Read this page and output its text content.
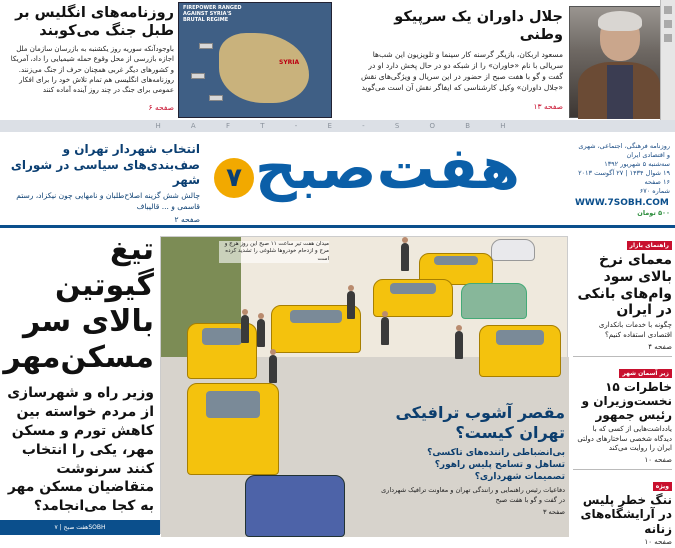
جلال داوران یک سرپیکو وطنی

مسعود اربکان، بازیگر گرسنه کار سینما و تلویزیون این شب‌ها سریالی با نام «خاوران» را از شبکه دو در حال پخش دارد او در گفت و گو با هفت صبح از حضور در این سریال و ویژگی‌های نقش «جلال داوران» وکیل کارشناسی که ایفاگر نقش آن است می‌گوید

صفحه ۱۳
FIREPOWER RANGED AGAINST SYRIA'S BRUTAL REGIME
SYRIA
روزنامه‌های انگلیس بر طبل جنگ می‌کوبند

باوجودآنکه سوریه روز یکشنبه به بازرسان سازمان ملل اجازه بازرسی از محل وقوع حمله شیمیایی را داد، آمریکا و کشورهای دیگر غربی همچنان حرف از جنگ می‌زنند. روزنامه‌های انگلیسی هم تمام تلاش خود را برای افکار عمومی برای جنگ در چند روز آینده آماده کنند

صفحه ۶
H A F T - E - S O B H
انتخاب شهردار تهران و صف‌بندی‌های سیاسی در شورای شهر
چالش شش گزینه اصلاح‌طلبان و نامهایی چون نیکزاد، رستم قاسمی و ... قالیباف
صفحه ۲
هفت‌صبح
۷
روزنامه فرهنگی، اجتماعی، شهری
و اقتصادی ایران
سه‌شنبه ۵ شهریور ۱۳۹۲
۱۹ شوال ۱۴۳۴ | ۲۷ آگوست ۲۰۱۳
۱۶ صفحه
شماره ۶۷۰
WWW.7SOBH.COM
۵۰۰ تومان
تیغ گیوتین بالای سر مسکن‌مهر
وزیر راه و شهرسازی از مردم خواسته بین کاهش تورم و مسکن مهر، یکی را انتخاب کنند سرنوشت متقاضیان مسکن مهر به کجا می‌انجامد؟
میدان هفت تیر ساعت ۱۱ صبح این روز هرج و مرج و ازدحام خودروها شلوغی را تشدید کرده است
مقصر آشوب ترافیکی تهران کیست؟
بی‌انضباطی راننده‌های تاکسی؟
تساهل و تسامح پلیس راهور؟
تصمیمات شهرداری؟
دفاعیات رئیس راهنمایی و رانندگی تهران و معاونت ترافیک شهرداری در گفت و گو با هفت صبح
صفحه ۳
راهنمای بازار
معمای نرخ بالای سود وام‌های بانکی در ایران
چگونه با خدمات بانکداری اقتصادی استفاده کنیم؟
صفحه ۴
زیر آسمان شهر
خاطرات ۱۵ نخست‌وزیران و رئیس جمهور
یادداشت‌هایی از کسی که با دیدگاه شخصی ساختارهای دولتی ایران را روایت می‌کند
صفحه ۱۰
ویژه
ننگ خطر پلیس در آرایشگاه‌های زنانه
صفحه ۱۰
هفت صبح | ۷SOBH
